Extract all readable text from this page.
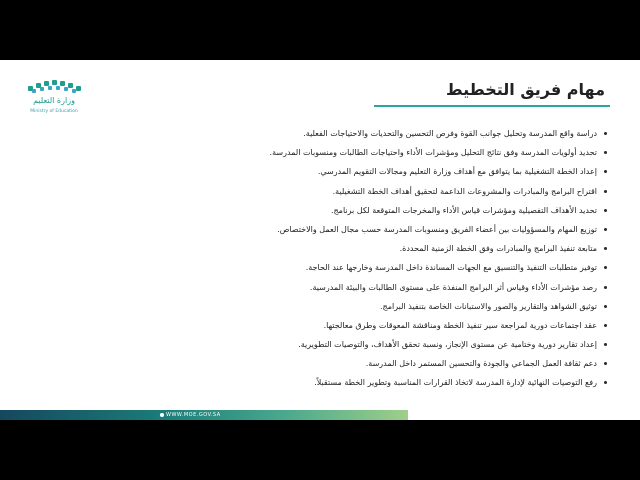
وزارة التعليم
Ministry of Education
مهام فريق التخطيط
دراسة واقع المدرسة وتحليل جوانب القوة وفرص التحسين والتحديات والاحتياجات الفعلية.
تحديد أولويات المدرسة وفق نتائج التحليل ومؤشرات الأداء واحتياجات الطالبات ومنسوبات المدرسة.
إعداد الخطة التشغيلية بما يتوافق مع أهداف وزارة التعليم ومجالات التقويم المدرسي.
اقتراح البرامج والمبادرات والمشروعات الداعمة لتحقيق أهداف الخطة التشغيلية.
تحديد الأهداف التفصيلية ومؤشرات قياس الأداء والمخرجات المتوقعة لكل برنامج.
توزيع المهام والمسؤوليات بين أعضاء الفريق ومنسوبات المدرسة حسب مجال العمل والاختصاص.
متابعة تنفيذ البرامج والمبادرات وفق الخطة الزمنية المحددة.
توفير متطلبات التنفيذ والتنسيق مع الجهات المساندة داخل المدرسة وخارجها عند الحاجة.
رصد مؤشرات الأداء وقياس أثر البرامج المنفذة على مستوى الطالبات والبيئة المدرسية.
توثيق الشواهد والتقارير والصور والاستبانات الخاصة بتنفيذ البرامج.
عقد اجتماعات دورية لمراجعة سير تنفيذ الخطة ومناقشة المعوقات وطرق معالجتها.
إعداد تقارير دورية وختامية عن مستوى الإنجاز، ونسبة تحقق الأهداف، والتوصيات التطويرية.
دعم ثقافة العمل الجماعي والجودة والتحسين المستمر داخل المدرسة.
رفع التوصيات النهائية لإدارة المدرسة لاتخاذ القرارات المناسبة وتطوير الخطة مستقبلاً.
WWW.MOE.GOV.SA
